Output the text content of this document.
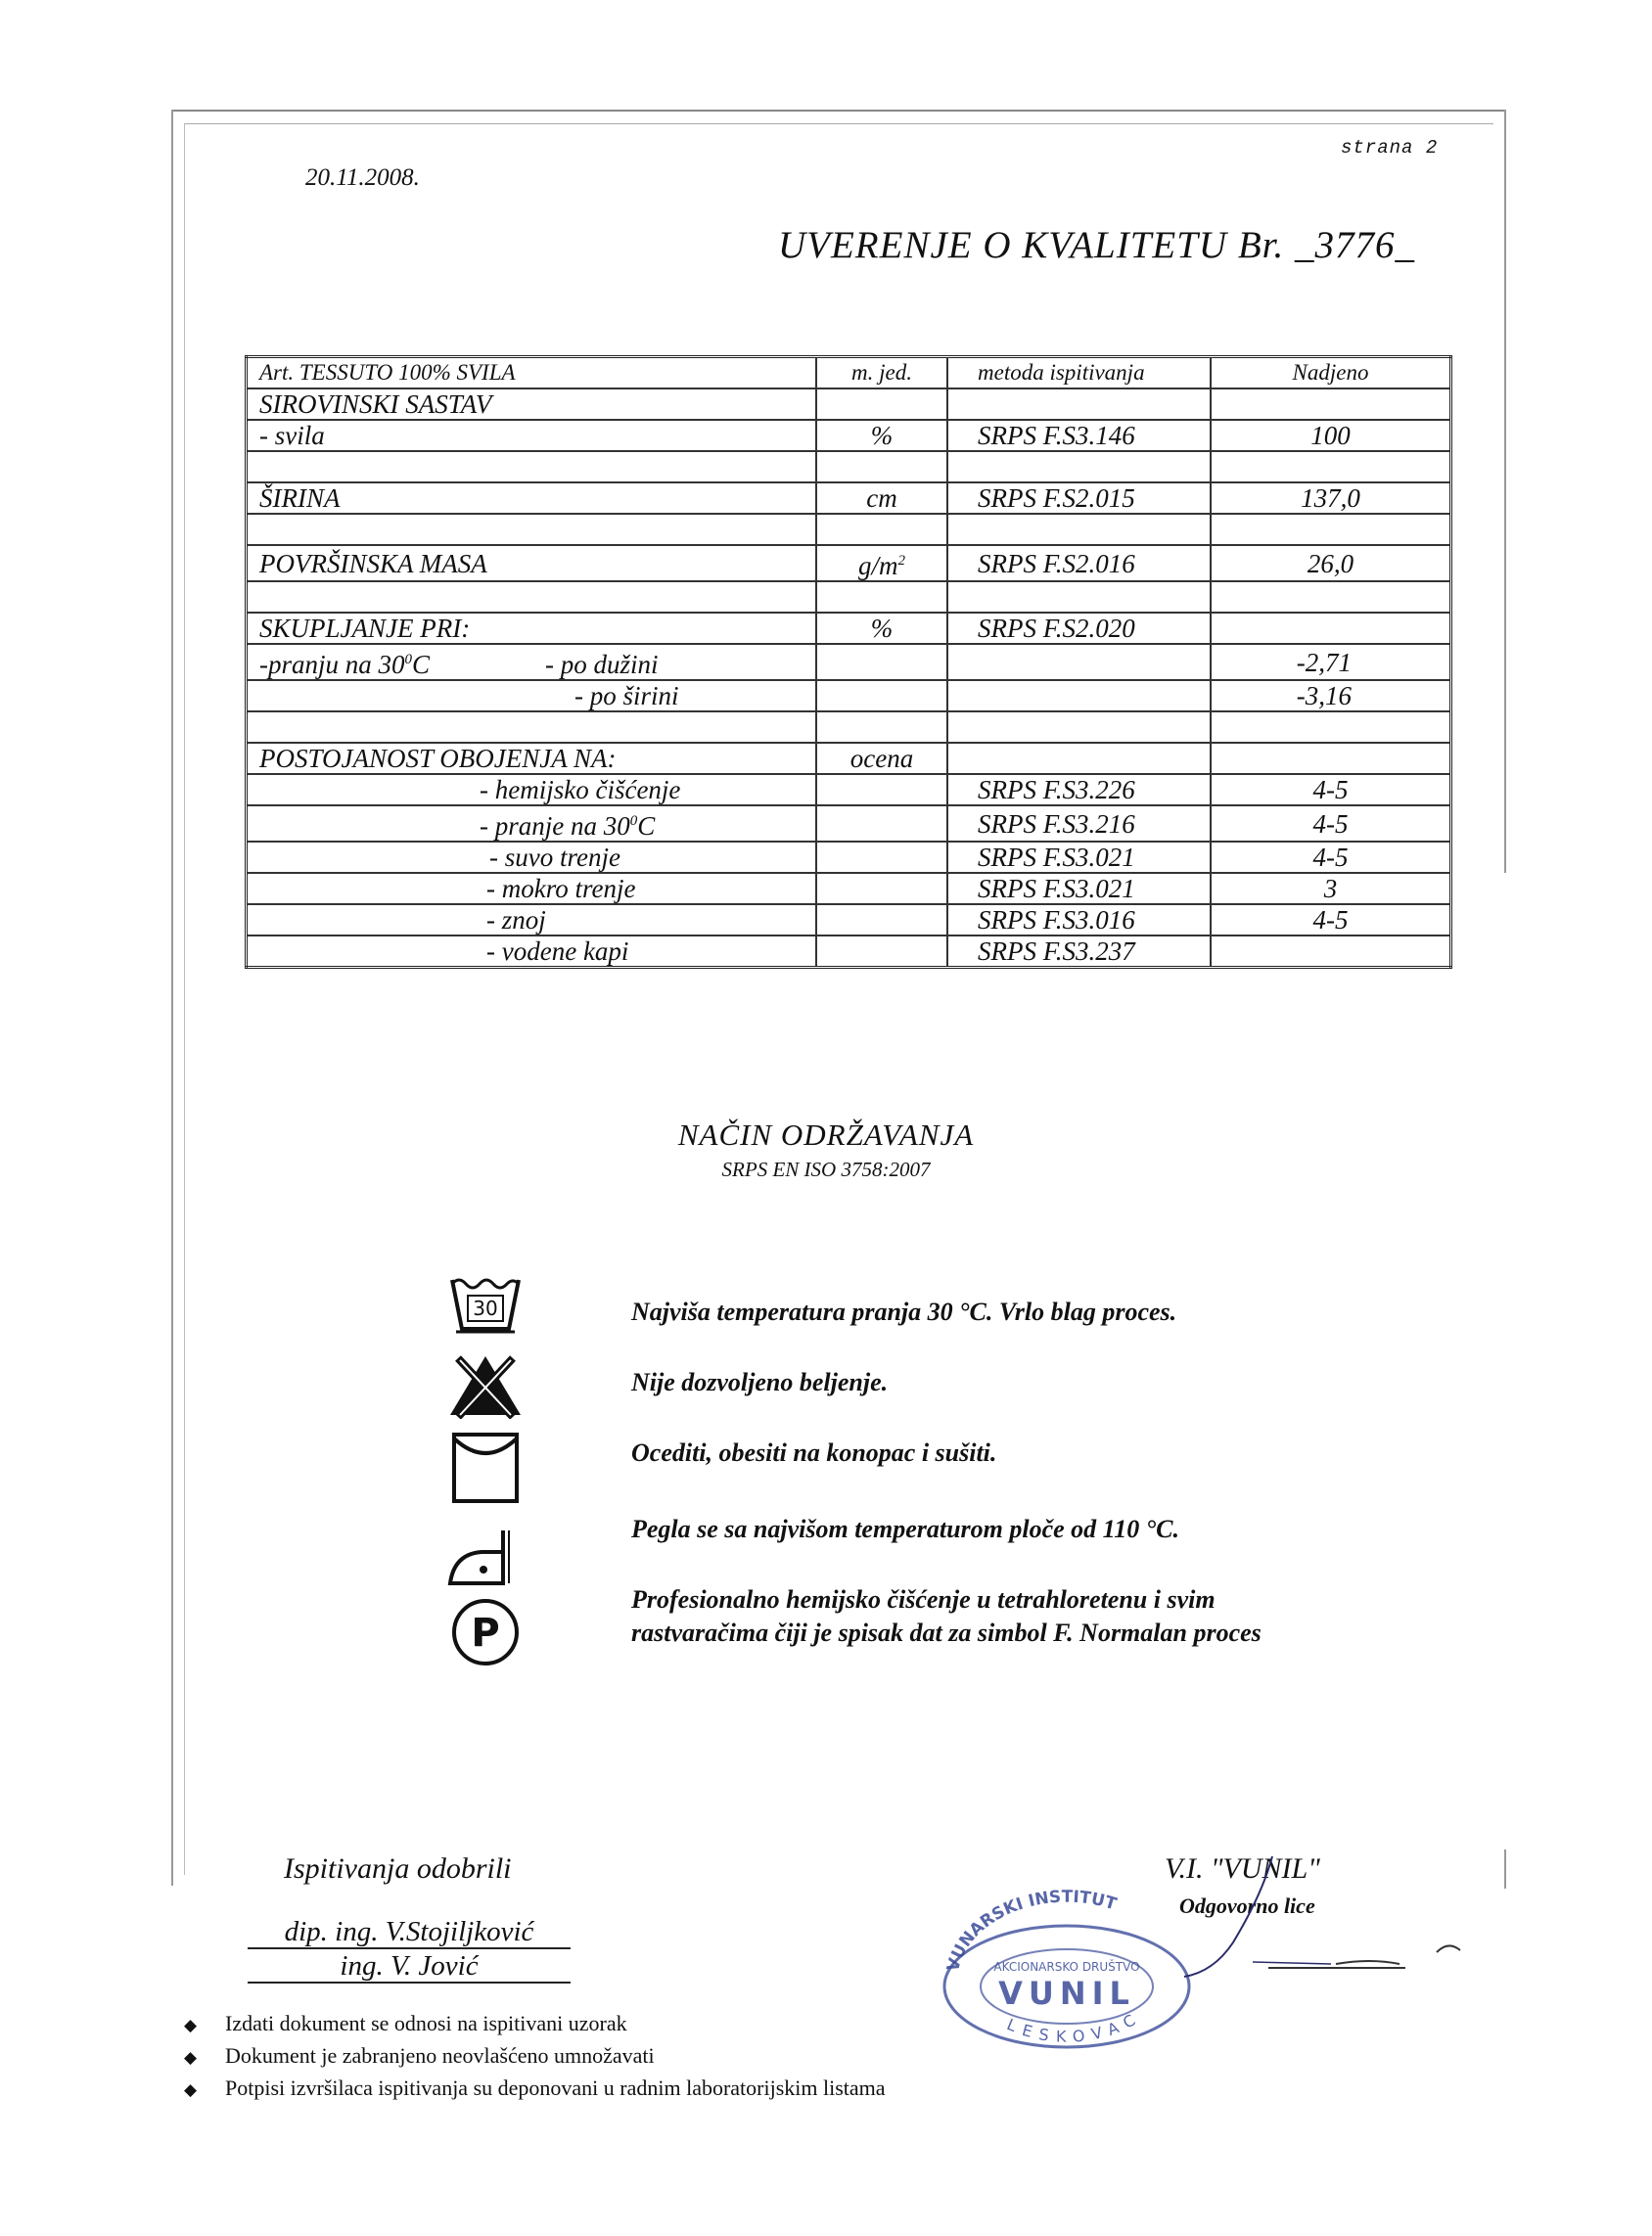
20.11.2008.
strana 2
UVERENJE O KVALITETU Br. _3776_
Art. TESSUTO 100% SVILA	m. jed.	metoda ispitivanja	Nadjeno
SIROVINSKI SASTAV			
- svila	%	SRPS F.S3.146	100

ŠIRINA	cm	SRPS F.S2.015	137,0

POVRŠINSKA MASA	$g/m^2$	SRPS F.S2.016	26,0

SKUPLJANJE PRI:	%	SRPS F.S2.020	
-pranju na $30^0C$ - po dužini			-2,71
- po širini			-3,16

POSTOJANOST OBOJENJA NA:	ocena		
- hemijsko čišćenje		SRPS F.S3.226	4-5
- pranje na $30^0C$		SRPS F.S3.216	4-5
- suvo trenje		SRPS F.S3.021	4-5
- mokro trenje		SRPS F.S3.021	3
- znoj		SRPS F.S3.016	4-5
- vodene kapi		SRPS F.S3.237	
NAČIN ODRŽAVANJA
SRPS EN ISO 3758:2007
30
P
Najviša temperatura pranja 30 °C. Vrlo blag proces.
Nije dozvoljeno beljenje.
Ocediti, obesiti na konopac i sušiti.
Pegla se sa najvišom temperaturom ploče od 110 °C.
Profesionalno hemijsko čišćenje u tetrahloretenu i svim
rastvaračima čiji je spisak dat za simbol F. Normalan proces
Ispitivanja odobrili
dip. ing. V.Stojiljković
ing. V. Jović	VUNARSKI INSTITUT
AKCIONARSKO DRUŠTVO
VUNIL
LESKOVAC
V.I. "VUNIL"
Odgovorno lice
◆ Izdati dokument se odnosi na ispitivani uzorak
◆ Dokument je zabranjeno neovlašćeno umnožavati
◆ Potpisi izvršilaca ispitivanja su deponovani u radnim laboratorijskim listama
